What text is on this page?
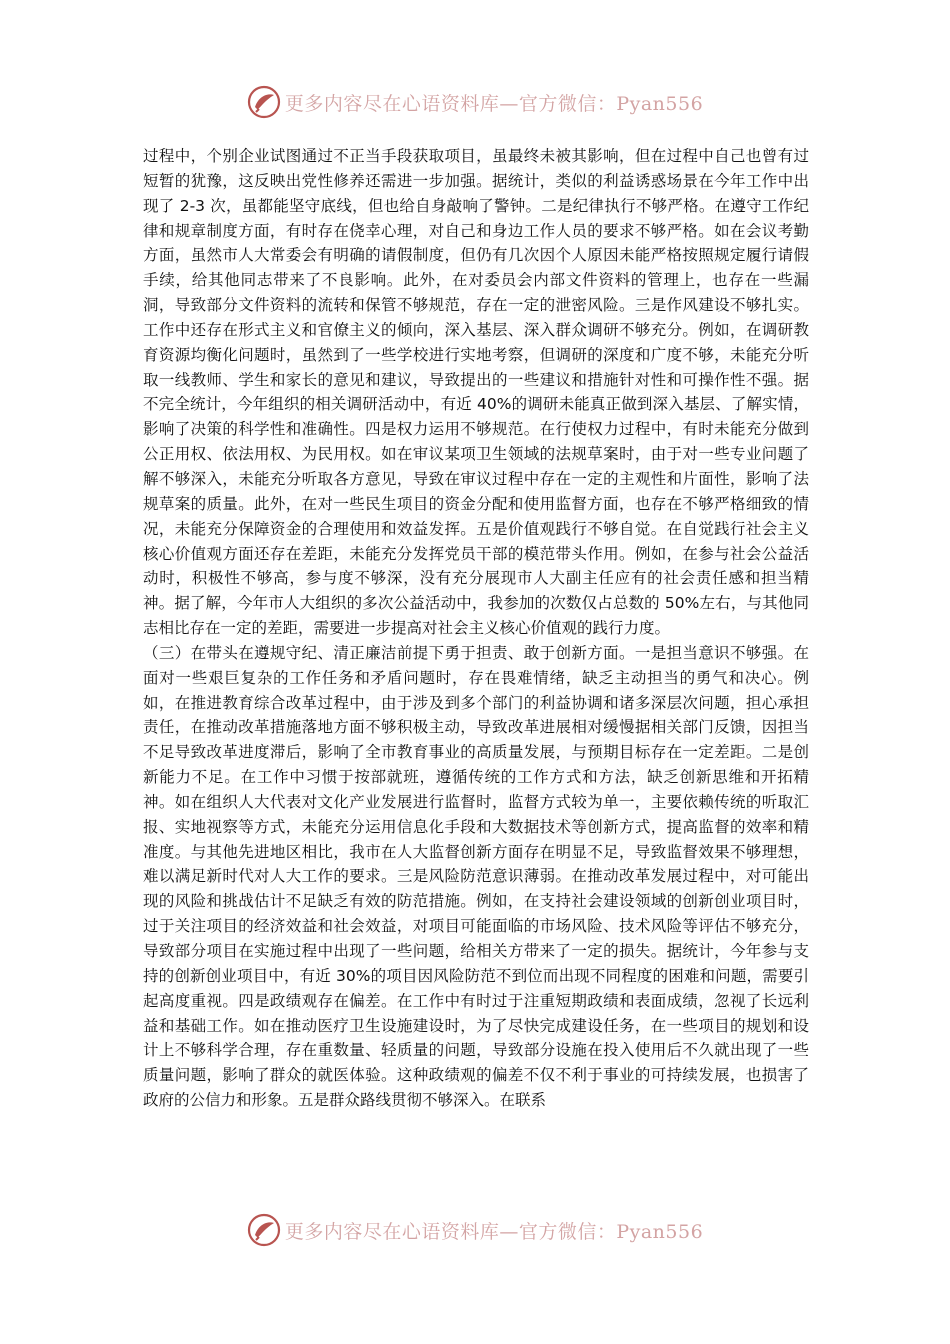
更多内容尽在心语资料库—官方微信：Pyan556

过程中，个别企业试图通过不正当手段获取项目，虽最终未被其影响，但在过程中自己也曾有过短暂的犹豫，这反映出党性修养还需进一步加强。据统计，类似的利益诱惑场景在今年工作中出现了 2-3 次，虽都能坚守底线，但也给自身敲响了警钟。二是纪律执行不够严格。在遵守工作纪律和规章制度方面，有时存在侥幸心理，对自己和身边工作人员的要求不够严格。如在会议考勤方面，虽然市人大常委会有明确的请假制度，但仍有几次因个人原因未能严格按照规定履行请假手续，给其他同志带来了不良影响。此外，在对委员会内部文件资料的管理上，也存在一些漏洞，导致部分文件资料的流转和保管不够规范，存在一定的泄密风险。三是作风建设不够扎实。工作中还存在形式主义和官僚主义的倾向，深入基层、深入群众调研不够充分。例如，在调研教育资源均衡化问题时，虽然到了一些学校进行实地考察，但调研的深度和广度不够，未能充分听取一线教师、学生和家长的意见和建议，导致提出的一些建议和措施针对性和可操作性不强。据不完全统计，今年组织的相关调研活动中，有近 40%的调研未能真正做到深入基层、了解实情，影响了决策的科学性和准确性。四是权力运用不够规范。在行使权力过程中，有时未能充分做到公正用权、依法用权、为民用权。如在审议某项卫生领域的法规草案时，由于对一些专业问题了解不够深入，未能充分听取各方意见，导致在审议过程中存在一定的主观性和片面性，影响了法规草案的质量。此外，在对一些民生项目的资金分配和使用监督方面，也存在不够严格细致的情况，未能充分保障资金的合理使用和效益发挥。五是价值观践行不够自觉。在自觉践行社会主义核心价值观方面还存在差距，未能充分发挥党员干部的模范带头作用。例如，在参与社会公益活动时，积极性不够高，参与度不够深，没有充分展现市人大副主任应有的社会责任感和担当精神。据了解，今年市人大组织的多次公益活动中，我参加的次数仅占总数的 50%左右，与其他同志相比存在一定的差距，需要进一步提高对社会主义核心价值观的践行力度。

（三）在带头在遵规守纪、清正廉洁前提下勇于担责、敢于创新方面。一是担当意识不够强。在面对一些艰巨复杂的工作任务和矛盾问题时，存在畏难情绪，缺乏主动担当的勇气和决心。例如，在推进教育综合改革过程中，由于涉及到多个部门的利益协调和诸多深层次问题，担心承担责任，在推动改革措施落地方面不够积极主动，导致改革进展相对缓慢据相关部门反馈，因担当不足导致改革进度滞后，影响了全市教育事业的高质量发展，与预期目标存在一定差距。二是创新能力不足。在工作中习惯于按部就班，遵循传统的工作方式和方法，缺乏创新思维和开拓精神。如在组织人大代表对文化产业发展进行监督时，监督方式较为单一，主要依赖传统的听取汇报、实地视察等方式，未能充分运用信息化手段和大数据技术等创新方式，提高监督的效率和精准度。与其他先进地区相比，我市在人大监督创新方面存在明显不足，导致监督效果不够理想，难以满足新时代对人大工作的要求。三是风险防范意识薄弱。在推动改革发展过程中，对可能出现的风险和挑战估计不足缺乏有效的防范措施。例如，在支持社会建设领域的创新创业项目时，过于关注项目的经济效益和社会效益，对项目可能面临的市场风险、技术风险等评估不够充分，导致部分项目在实施过程中出现了一些问题，给相关方带来了一定的损失。据统计，今年参与支持的创新创业项目中，有近 30%的项目因风险防范不到位而出现不同程度的困难和问题，需要引起高度重视。四是政绩观存在偏差。在工作中有时过于注重短期政绩和表面成绩，忽视了长远利益和基础工作。如在推动医疗卫生设施建设时，为了尽快完成建设任务，在一些项目的规划和设计上不够科学合理，存在重数量、轻质量的问题，导致部分设施在投入使用后不久就出现了一些质量问题，影响了群众的就医体验。这种政绩观的偏差不仅不利于事业的可持续发展，也损害了政府的公信力和形象。五是群众路线贯彻不够深入。在联系

更多内容尽在心语资料库—官方微信：Pyan556
